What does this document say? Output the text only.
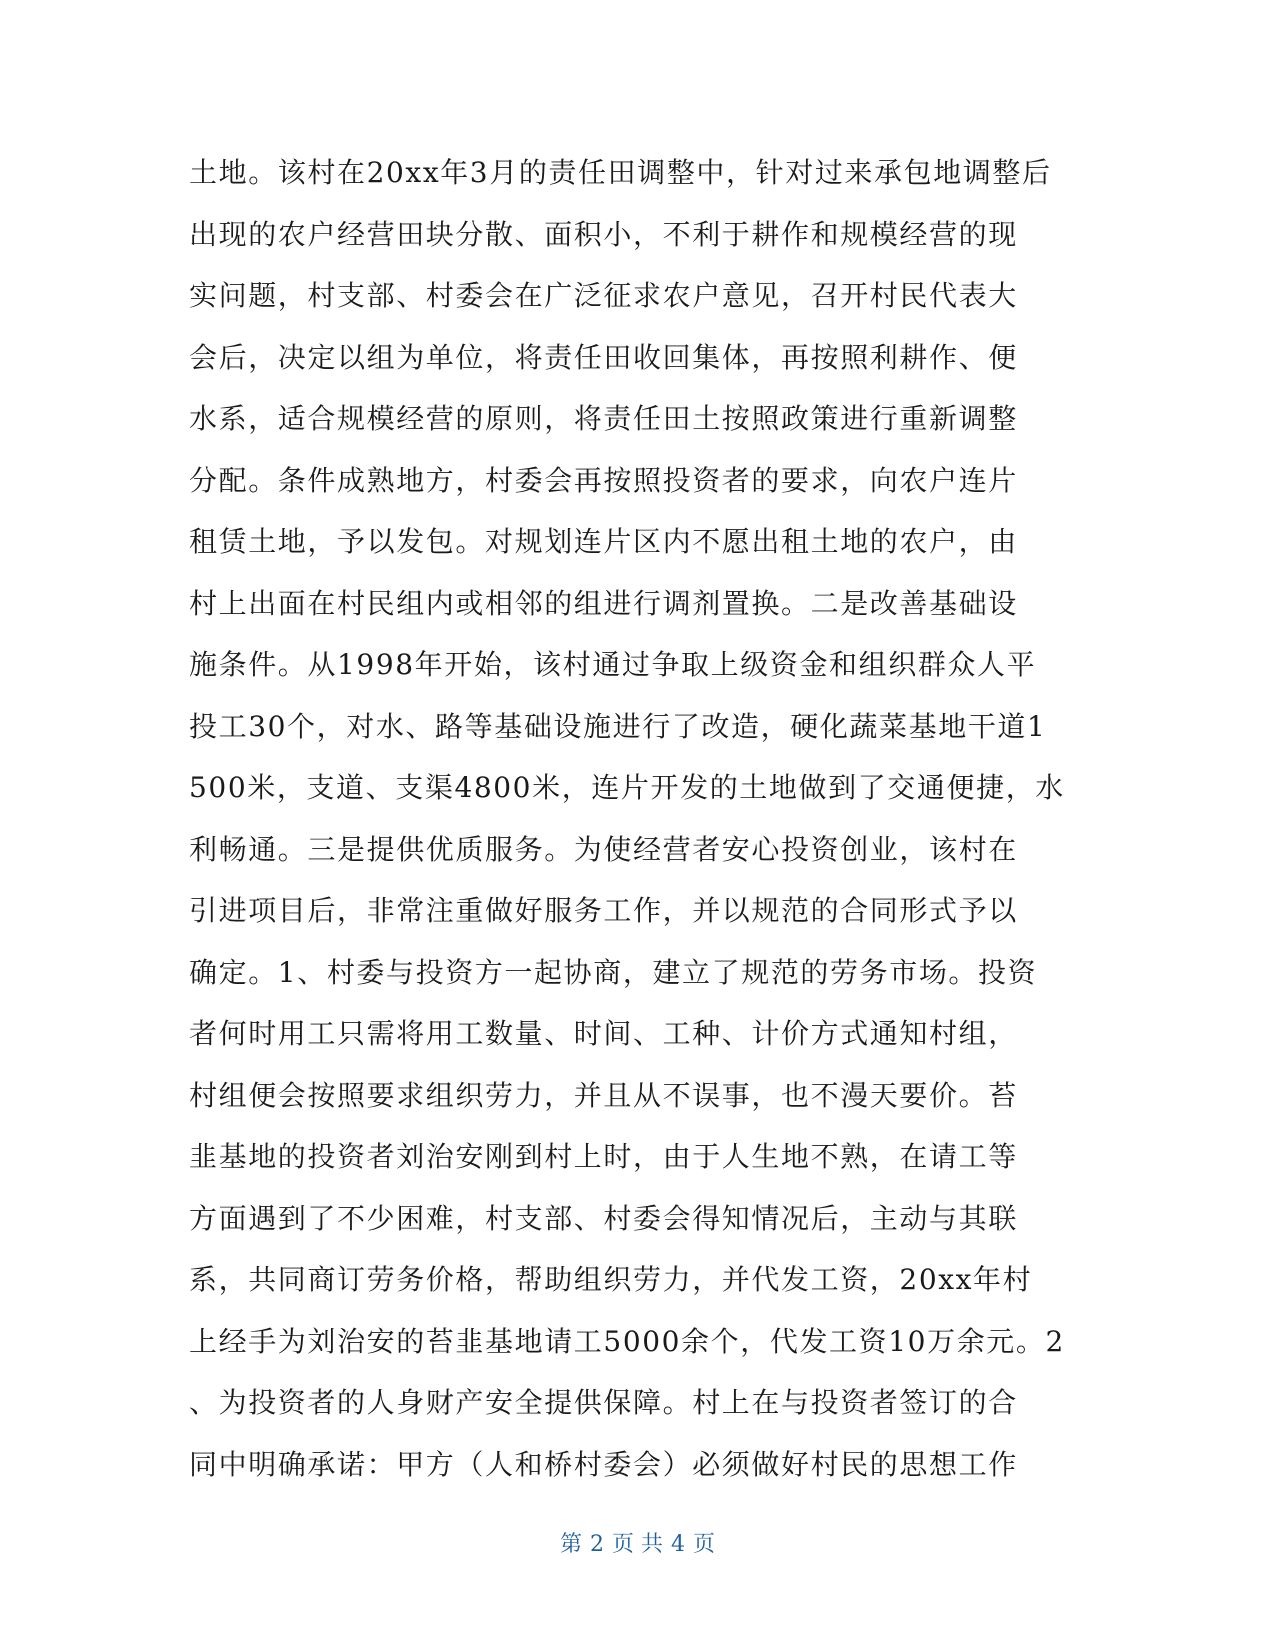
土地。该村在20xx年3月的责任田调整中，针对过来承包地调整后
出现的农户经营田块分散、面积小，不利于耕作和规模经营的现
实问题，村支部、村委会在广泛征求农户意见，召开村民代表大
会后，决定以组为单位，将责任田收回集体，再按照利耕作、便
水系，适合规模经营的原则，将责任田土按照政策进行重新调整
分配。条件成熟地方，村委会再按照投资者的要求，向农户连片
租赁土地，予以发包。对规划连片区内不愿出租土地的农户，由
村上出面在村民组内或相邻的组进行调剂置换。二是改善基础设
施条件。从1998年开始，该村通过争取上级资金和组织群众人平
投工30个，对水、路等基础设施进行了改造，硬化蔬菜基地干道1
500米，支道、支渠4800米，连片开发的土地做到了交通便捷，水
利畅通。三是提供优质服务。为使经营者安心投资创业，该村在
引进项目后，非常注重做好服务工作，并以规范的合同形式予以
确定。1、村委与投资方一起协商，建立了规范的劳务市场。投资
者何时用工只需将用工数量、时间、工种、计价方式通知村组，
村组便会按照要求组织劳力，并且从不误事，也不漫天要价。苔
韭基地的投资者刘治安刚到村上时，由于人生地不熟，在请工等
方面遇到了不少困难，村支部、村委会得知情况后，主动与其联
系，共同商订劳务价格，帮助组织劳力，并代发工资，20xx年村
上经手为刘治安的苔韭基地请工5000余个，代发工资10万余元。2
、为投资者的人身财产安全提供保障。村上在与投资者签订的合
同中明确承诺：甲方（人和桥村委会）必须做好村民的思想工作
第 2 页 共 4 页
